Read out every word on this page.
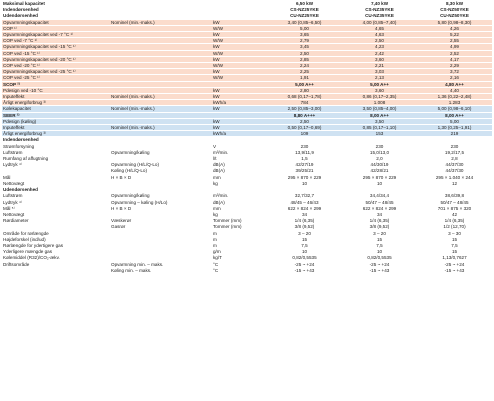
Maksimal kapacitet			6,50 kW	7,40 kW	8,30 kW
Indendørsenhed			CS-NZ25YKE	CS-NZ35YKE	CS-NZ50YKE
Udendørsenhed			CU-NZ25YKE	CU-NZ35YKE	CU-NZ50YKE
Opvarmningskapacitet	Nominel (min.-maks.)	kW	3,40 (0,85–6,50)	4,00 (0,85–7,40)	5,80 (0,98–8,30)
COP ¹⁾		W/W	5,00	4,65	4,26
Opvarmningskapacitet ved -7 °C ¹⁾		kW	3,65	4,63	5,22
COP ved -7 °C ¹⁾		W/W	2,79	2,50	2,55
Opvarmningskapacitet ved -15 °C ¹⁾		kW	3,45	4,23	4,99
COP ved -15 °C ¹⁾		W/W	2,50	2,42	2,52
Opvarmningskapacitet ved -20 °C ¹⁾		kW	2,85	3,60	4,17
COP ved -20 °C ¹⁾		W/W	2,24	2,21	2,29
Opvarmningskapacitet ved -25 °C ¹⁾		kW	2,25	3,03	3,72
COP ved -25 °C ¹⁾		W/W	1,91	2,13	2,16
SCOP ²⁾			5,00 A++	5,00 A++	4,80 A++
Pdesign ved -10 °C		kW	2,80	3,60	4,40
Inputeffekt	Nominel (min.-maks.)	kW	0,68 (0,17–1,78)	0,86 (0,17–2,35)	1,36 (0,22–2,48)
Årligt energiforbrug ³⁾		kWh/a	784	1.008	1.283
Kølekapacitet	Nominel (min.-maks.)	kW	2,50 (0,85–3,00)	3,50 (0,85–4,00)	5,00 (0,98–6,10)
SEER ²⁾			8,80 A+++	8,00 A++	8,00 A++
Pdesign (køling)		kW	2,50	3,50	5,00
Inputeffekt	Nominel (min.-maks.)	kW	0,50 (0,17–0,69)	0,85 (0,17–1,10)	1,30 (0,25–1,91)
Årligt energiforbrug ³⁾		kWh/a	109	153	219
Indendørsenhed					
Strømforsyning		V	230	230	230
Luftstrøm	Opvarmning/køling	m³/min.	13,9/11,9	15,0/13,0	19,2/17,5
Rumfang af affugtning		l/t	1,5	2,0	2,8
Lydtryk ⁴⁾	Opvarmning (H/L/Q-Lo)	dB(A)	42/27/19	44/30/19	44/37/30
	Køling (H/L/Q-Lo)	dB(A)	39/25/21	42/28/21	44/37/30
Mål	H × B × D	mm	295 × 870 × 229	295 × 870 × 229	295 × 1.040 × 244
Nettovægt		kg	10	10	12
Udendørsenhed					
Luftstrøm	Opvarmning/køling	m³/min.	32,7/32,7	34,4/34,4	38,6/39,8
Lydtryk ⁴⁾	Opvarmning – køling (H/Lo)	dB(A)	48/45 – 46/43	50/47 – 48/45	50/47 – 48/45
Mål ⁵⁾	H × B × D	mm	622 × 824 × 299	622 × 824 × 299	701 × 875 × 320
Nettovægt		kg	34	34	42
Rørdiameter	Væskerør	Tommer (mm)	1/4 (6,35)	1/4 (6,35)	1/4 (6,35)
	Gasrør	Tommer (mm)	3/8 (9,52)	3/8 (9,52)	1/2 (12,70)
Område for rørlængde		m	3 – 20	3 – 20	3 – 30
Højdeforskel (ind/ud)		m	15	15	15
Rørlængde for ydertigere gas		m	7,5	7,5	7,5
Yderligere mængde gas		g/m	10	10	15
Kølemiddel (R32)/CO₂-ækv.		kg/T	0,82/0,5535	0,82/0,5535	1,13/0,7627
Driftsområde	Opvarmning min. – maks.	°C	-25 ~ +24	-25 ~ +24	-25 ~ +24
	Køling min. – maks.	°C	-15 ~ +43	-15 ~ +43	-15 ~ +43
